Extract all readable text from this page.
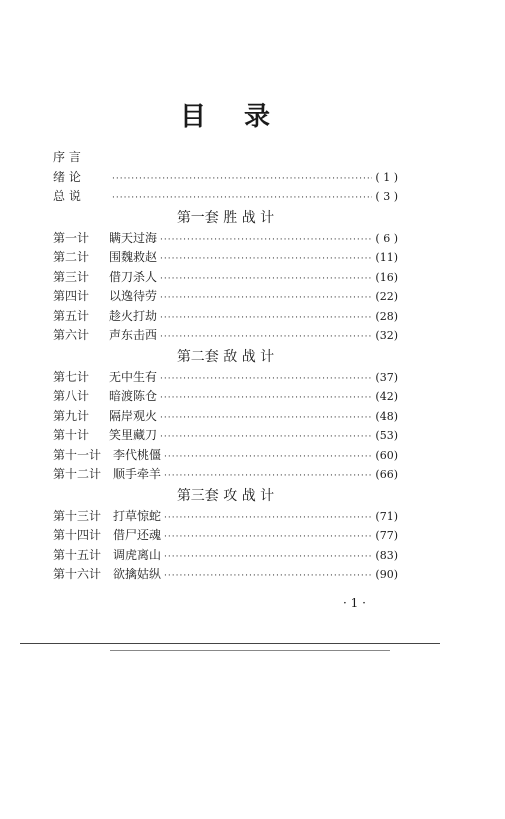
目 录
序 言
绪 论 ·····	( 1 )
总 说 ·····	( 3 )
第一套 胜 战 计
第一计	瞒天过海 ·····	( 6 )
第二计	围魏救赵 ·····	(11)
第三计	借刀杀人 ·····	(16)
第四计	以逸待劳 ·····	(22)
第五计	趁火打劫 ·····	(28)
第六计	声东击西 ·····	(32)
第二套 敌 战 计
第七计	无中生有 ·····	(37)
第八计	暗渡陈仓 ·····	(42)
第九计	隔岸观火 ·····	(48)
第十计	笑里藏刀 ·····	(53)
第十一计 李代桃僵 ·····	(60)
第十二计 顺手牵羊 ·····	(66)
第三套 攻 战 计
第十三计 打草惊蛇 ·····	(71)
第十四计 借尸还魂 ·····	(77)
第十五计 调虎离山 ·····	(83)
第十六计 欲擒姑纵 ·····	(90)
· 1 ·
